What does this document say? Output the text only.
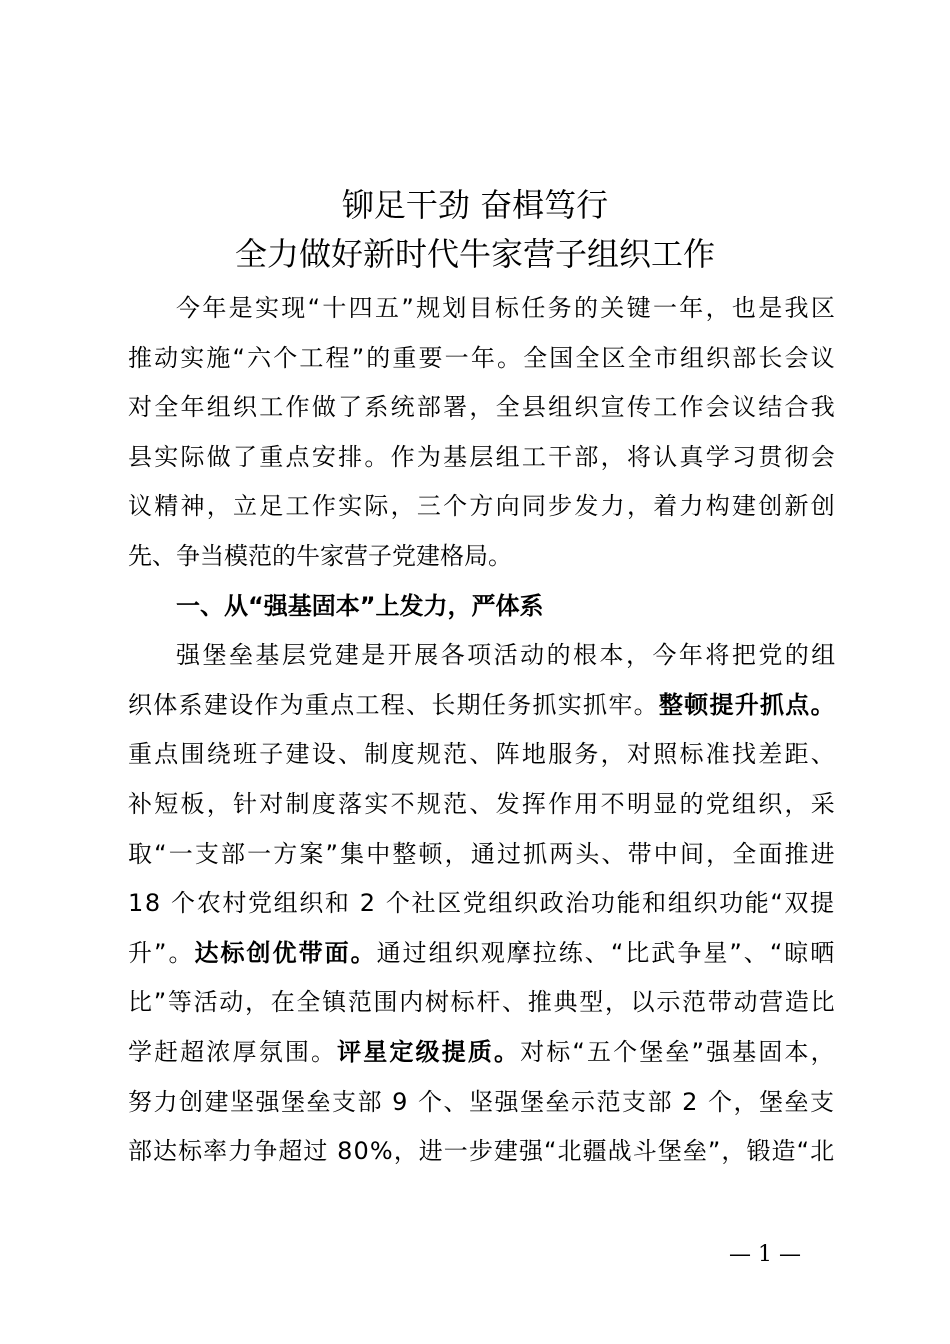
铆足干劲 奋楫笃行
全力做好新时代牛家营子组织工作
今年是实现“十四五”规划目标任务的关键一年，也是我区
推动实施“六个工程”的重要一年。全国全区全市组织部长会议
对全年组织工作做了系统部署，全县组织宣传工作会议结合我
县实际做了重点安排。作为基层组工干部，将认真学习贯彻会
议精神，立足工作实际，三个方向同步发力，着力构建创新创
先、争当模范的牛家营子党建格局。
一、从“强基固本”上发力，严体系
强堡垒基层党建是开展各项活动的根本，今年将把党的组
织体系建设作为重点工程、长期任务抓实抓牢。整顿提升抓点。
重点围绕班子建设、制度规范、阵地服务，对照标准找差距、
补短板，针对制度落实不规范、发挥作用不明显的党组织，采
取“一支部一方案”集中整顿，通过抓两头、带中间，全面推进
18 个农村党组织和 2 个社区党组织政治功能和组织功能“双提
升”。达标创优带面。通过组织观摩拉练、“比武争星”、“晾晒
比”等活动，在全镇范围内树标杆、推典型，以示范带动营造比
学赶超浓厚氛围。评星定级提质。对标“五个堡垒”强基固本，
努力创建坚强堡垒支部 9 个、坚强堡垒示范支部 2 个，堡垒支
部达标率力争超过 80%，进一步建强“北疆战斗堡垒”，锻造“北
— 1 —
